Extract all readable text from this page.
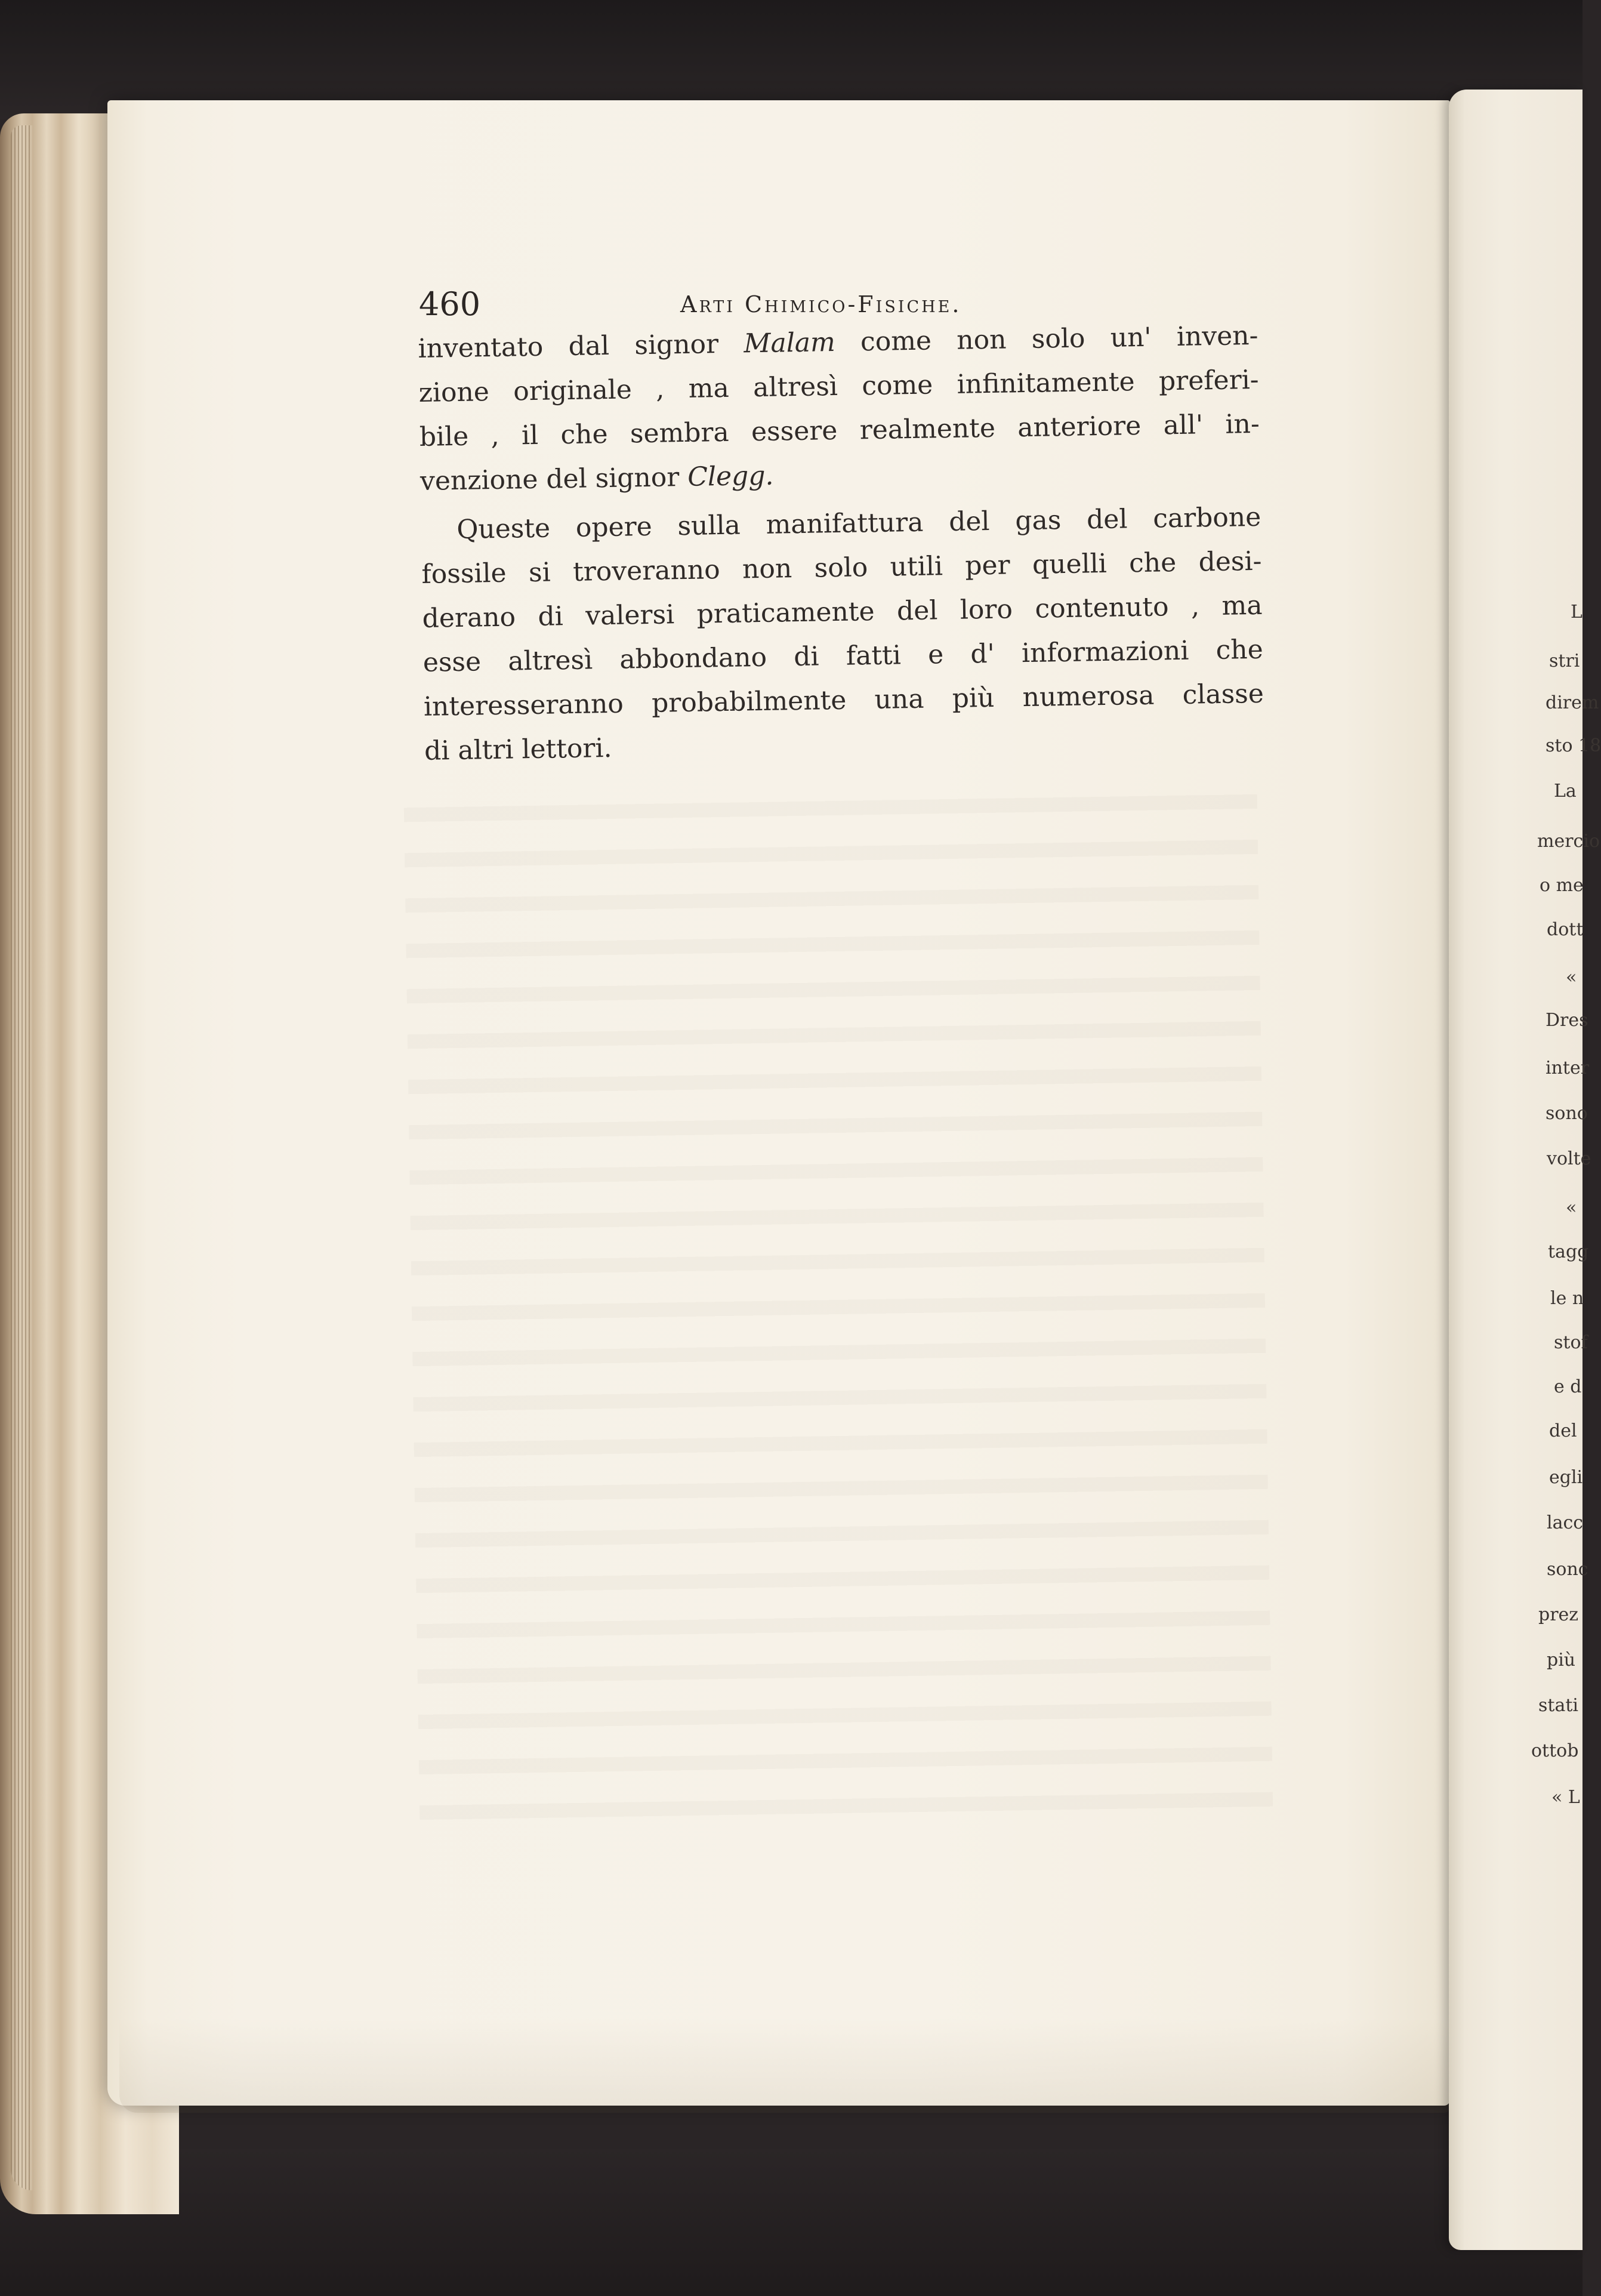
460	Arti Chimico-Fisiche.
inventato dal signor Malam come non solo un' inven-
zione originale , ma altresì come infinitamente preferi-
bile , il che sembra essere realmente anteriore all' in-
venzione del signor Clegg.
Queste opere sulla manifattura del gas del carbone
fossile si troveranno non solo utili per quelli che desi-
derano di valersi praticamente del loro contenuto , ma
esse altresì abbondano di fatti e d' informazioni che
interesseranno probabilmente una più numerosa classe
di altri lettori.
L
stri
direm
sto 18
La
mercio
o me
dott
«
Dres
inter
sono
volte
«
tagg
le n
stof
e d
del
egli
lacc
sonc
prez
più
stati
ottob
« L
